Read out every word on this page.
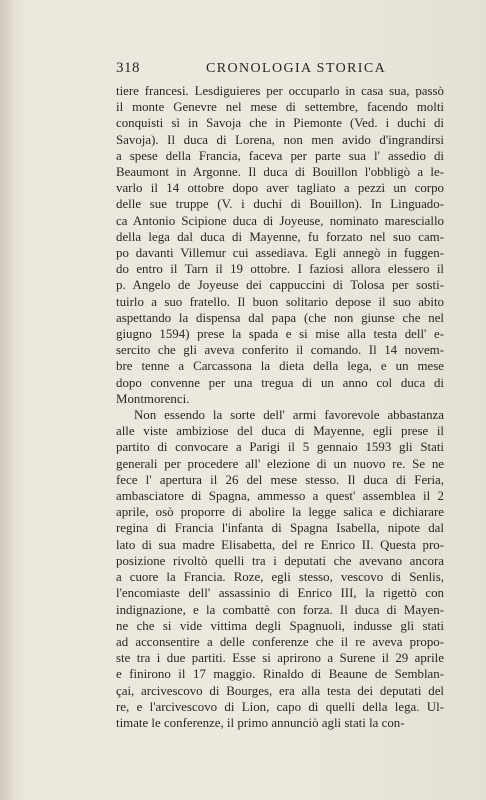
318	CRONOLOGIA STORICA

tiere francesi. Lesdiguieres per occuparlo in casa sua, passò
il monte Genevre nel mese di settembre, facendo molti
conquisti sì in Savoja che in Piemonte (Ved. i duchi di
Savoja). Il duca di Lorena, non men avido d'ingrandirsi
a spese della Francia, faceva per parte sua l' assedio di
Beaumont in Argonne. Il duca di Bouillon l'obbligò a le-
varlo il 14 ottobre dopo aver tagliato a pezzi un corpo
delle sue truppe (V. i duchi di Bouillon). In Linguado-
ca Antonio Scipione duca di Joyeuse, nominato maresciallo
della lega dal duca di Mayenne, fu forzato nel suo cam-
po davanti Villemur cui assediava. Egli annegò in fuggen-
do entro il Tarn il 19 ottobre. I faziosi allora elessero il
p. Angelo de Joyeuse dei cappuccini di Tolosa per sosti-
tuirlo a suo fratello. Il buon solitario depose il suo abito
aspettando la dispensa dal papa (che non giunse che nel
giugno 1594) prese la spada e si mise alla testa dell' e-
sercito che gli aveva conferito il comando. Il 14 novem-
bre tenne a Carcassona la dieta della lega, e un mese
dopo convenne per una tregua di un anno col duca di
Montmorenci.

Non essendo la sorte dell' armi favorevole abbastanza
alle viste ambiziose del duca di Mayenne, egli prese il
partito di convocare a Parigi il 5 gennaio 1593 gli Stati
generali per procedere all' elezione di un nuovo re. Se ne
fece l' apertura il 26 del mese stesso. Il duca di Feria,
ambasciatore di Spagna, ammesso a quest' assemblea il 2
aprile, osò proporre di abolire la legge salica e dichiarare
regina di Francia l'infanta di Spagna Isabella, nipote dal
lato di sua madre Elisabetta, del re Enrico II. Questa pro-
posizione rivoltò quelli tra i deputati che avevano ancora
a cuore la Francia. Roze, egli stesso, vescovo di Senlis,
l'encomiaste dell' assassinio di Enrico III, la rigettò con
indignazione, e la combattè con forza. Il duca di Mayen-
ne che si vide vittima degli Spagnuoli, indusse gli stati
ad acconsentire a delle conferenze che il re aveva propo-
ste tra i due partiti. Esse si aprirono a Surene il 29 aprile
e finirono il 17 maggio. Rinaldo di Beaune de Semblan-
çai, arcivescovo di Bourges, era alla testa dei deputati del
re, e l'arcivescovo di Lion, capo di quelli della lega. Ul-
timate le conferenze, il primo annunciò agli stati la con-
